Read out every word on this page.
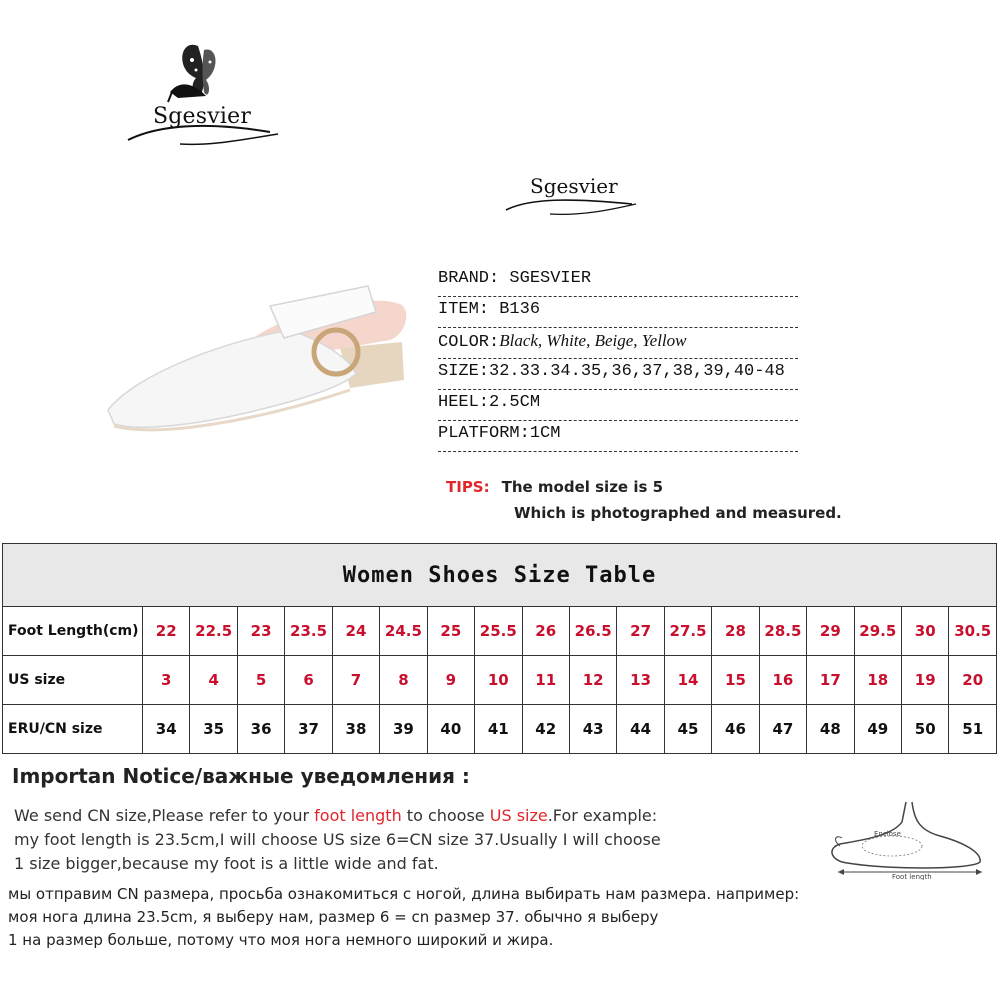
Sgesvier
Sgesvier
BRAND: SGESVIER
ITEM: B136
COLOR:Black, White, Beige, Yellow
SIZE:32.33.34.35,36,37,38,39,40-48
HEEL:2.5CM
PLATFORM:1CM
TIPS: The model size is 5
Which is photographed and measured.
Women Shoes Size Table																		
Foot Length(cm)	22	22.5	23	23.5	24	24.5	25	25.5	26	26.5	27	27.5	28	28.5	29	29.5	30	30.5
US size	3	4	5	6	7	8	9	10	11	12	13	14	15	16	17	18	19	20
ERU/CN size	34	35	36	37	38	39	40	41	42	43	44	45	46	47	48	49	50	51
Importan Notice/важные уведомления :
We send CN size,Please refer to your foot length to choose US size.For example:
my foot length is 23.5cm,I will choose US size 6=CN size 37.Usually I will choose
1 size bigger,because my foot is a little wide and fat.
мы отправим CN размера, просьба ознакомиться с ногой, длина выбирать нам размера. например:
моя нога длина 23.5cm, я выберу нам, размер 6 = cn размер 37. обычно я выберу
1 на размер больше, потому что моя нога немного широкий и жира.
Enclose
Foot length
